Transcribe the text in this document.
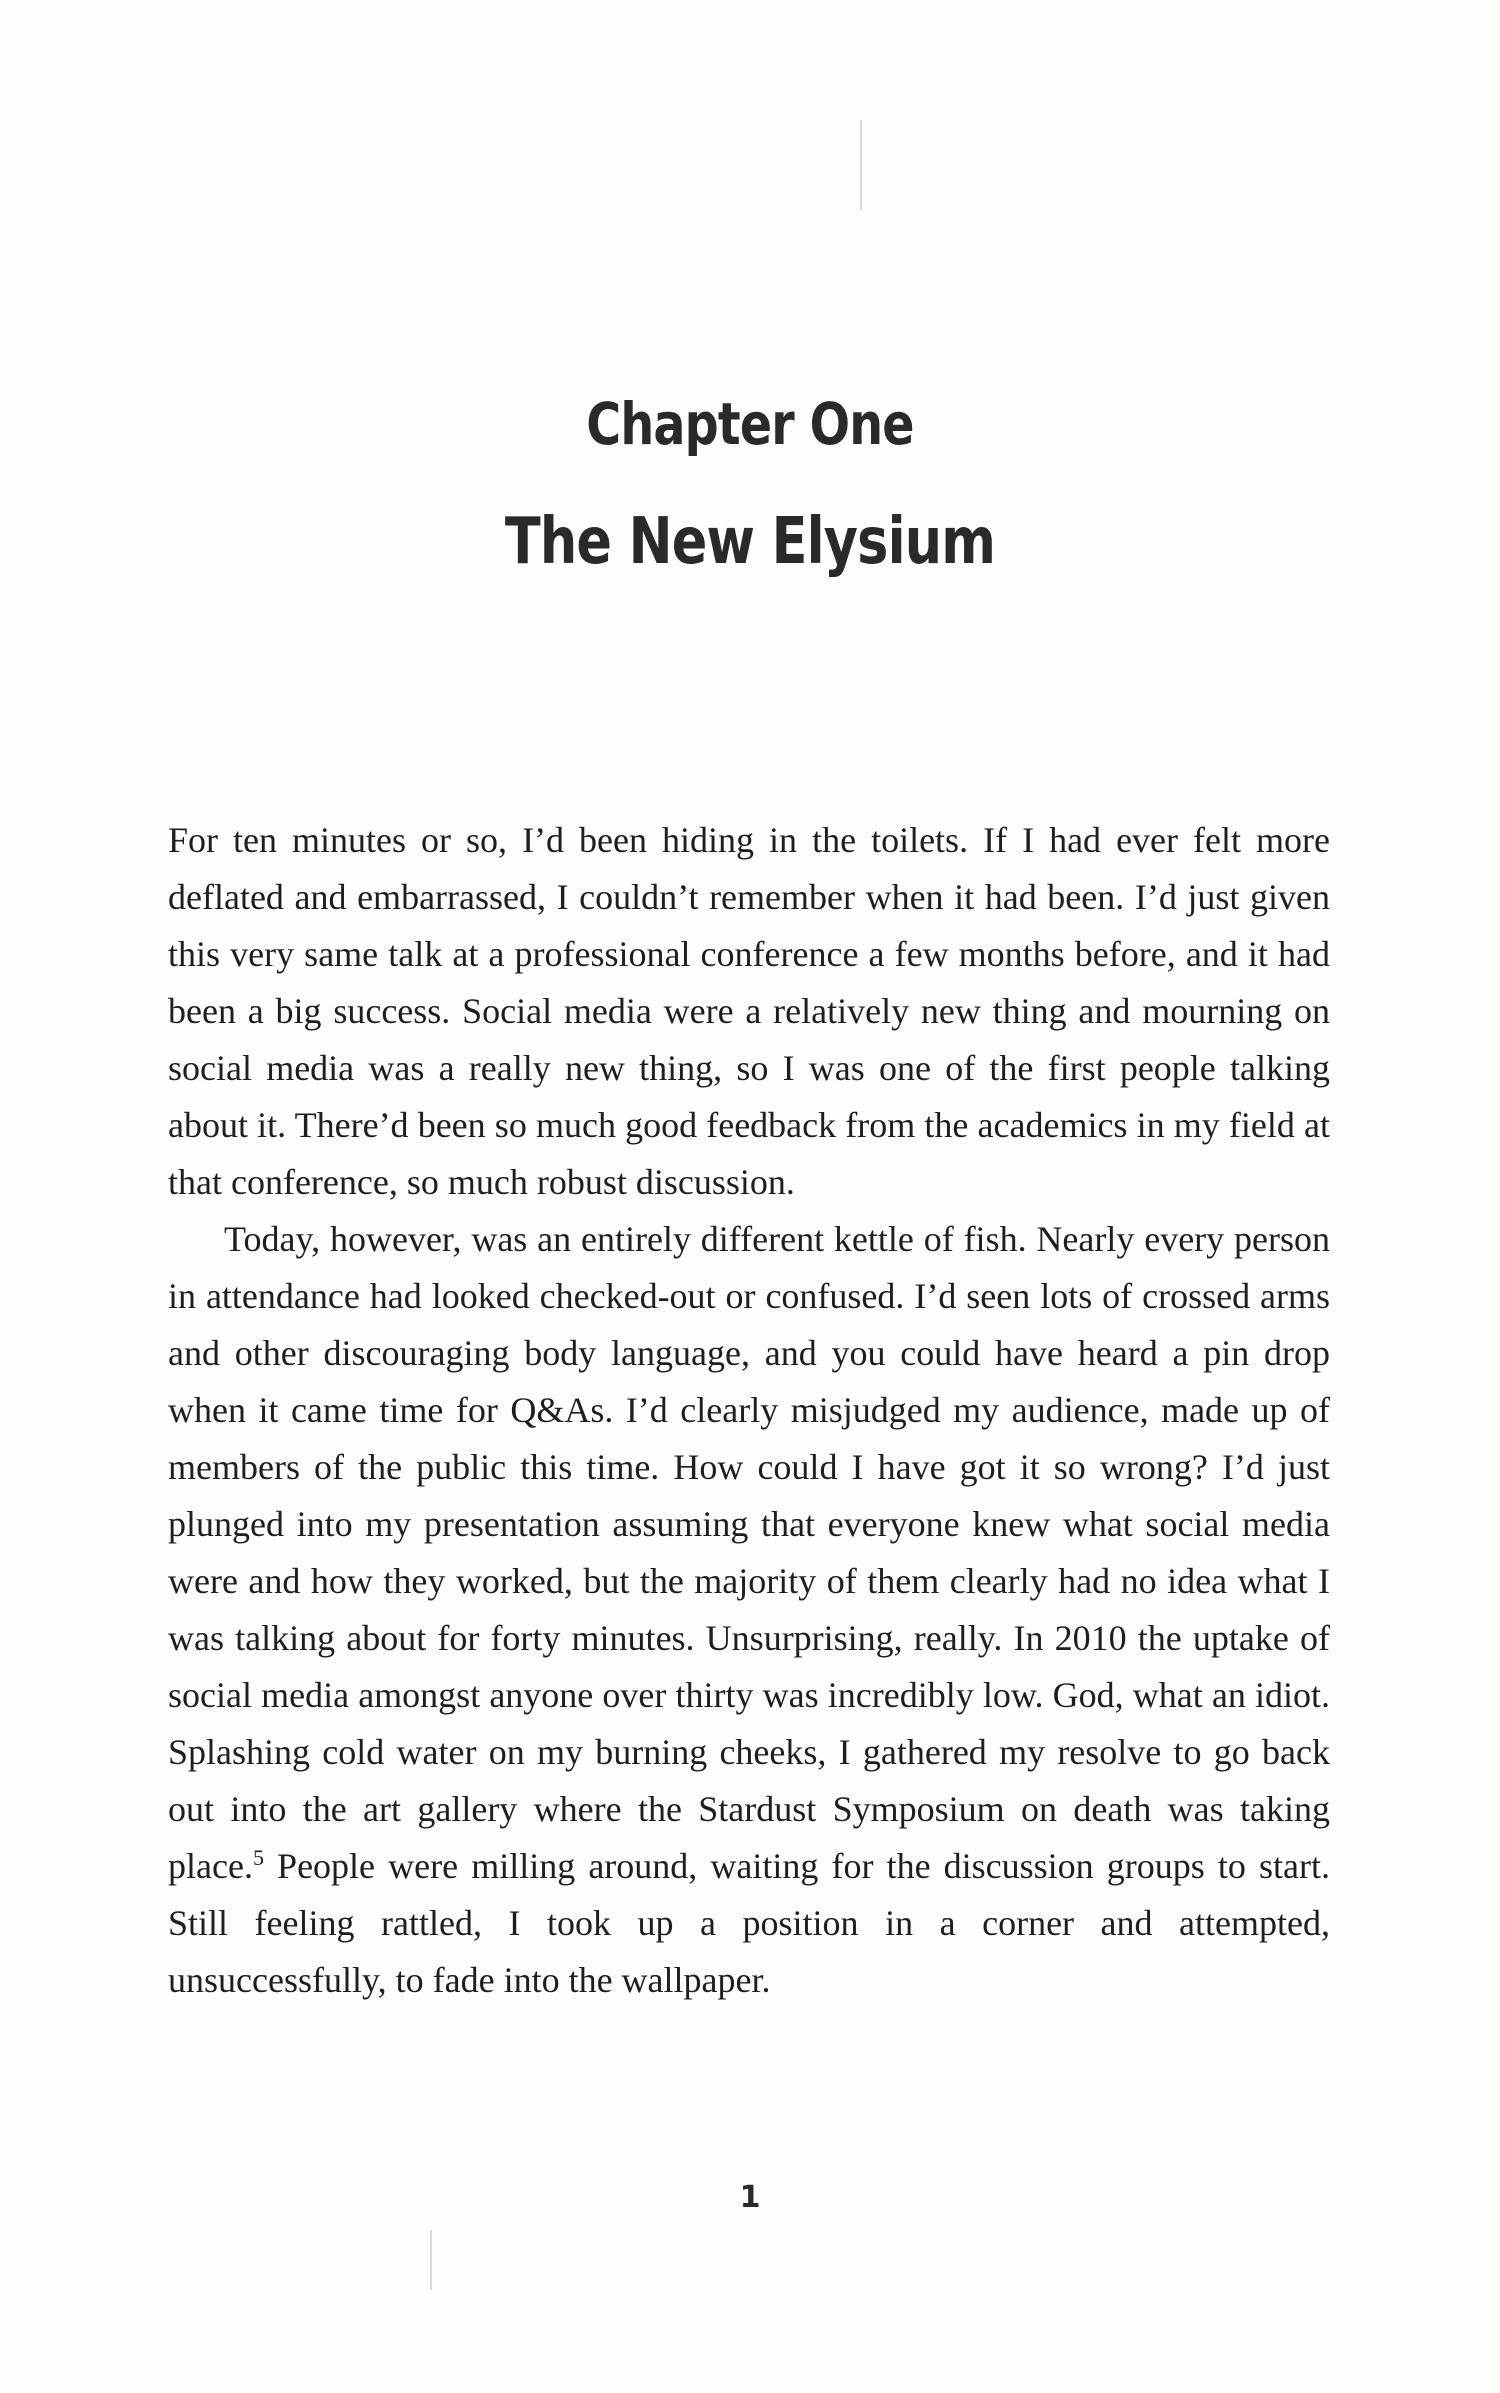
Chapter One
The New Elysium

For ten minutes or so, I’d been hiding in the toilets. If I had ever felt more deflated and embarrassed, I couldn’t remember when it had been. I’d just given this very same talk at a professional conference a few months before, and it had been a big success. Social media were a relatively new thing and mourning on social media was a really new thing, so I was one of the first people talking about it. There’d been so much good feedback from the academics in my field at that conference, so much robust discussion.

Today, however, was an entirely different kettle of fish. Nearly every person in attendance had looked checked-out or confused. I’d seen lots of crossed arms and other discouraging body language, and you could have heard a pin drop when it came time for Q&As. I’d clearly misjudged my audience, made up of members of the public this time. How could I have got it so wrong? I’d just plunged into my presentation assuming that everyone knew what social media were and how they worked, but the majority of them clearly had no idea what I was talking about for forty minutes. Unsurprising, really. In 2010 the uptake of social media amongst anyone over thirty was incredibly low. God, what an idiot. Splashing cold water on my burning cheeks, I gathered my resolve to go back out into the art gallery where the Stardust Symposium on death was taking place.$^5$ People were milling around, waiting for the discussion groups to start. Still feeling rattled, I took up a position in a corner and attempted, unsuccessfully, to fade into the wallpaper.

1
